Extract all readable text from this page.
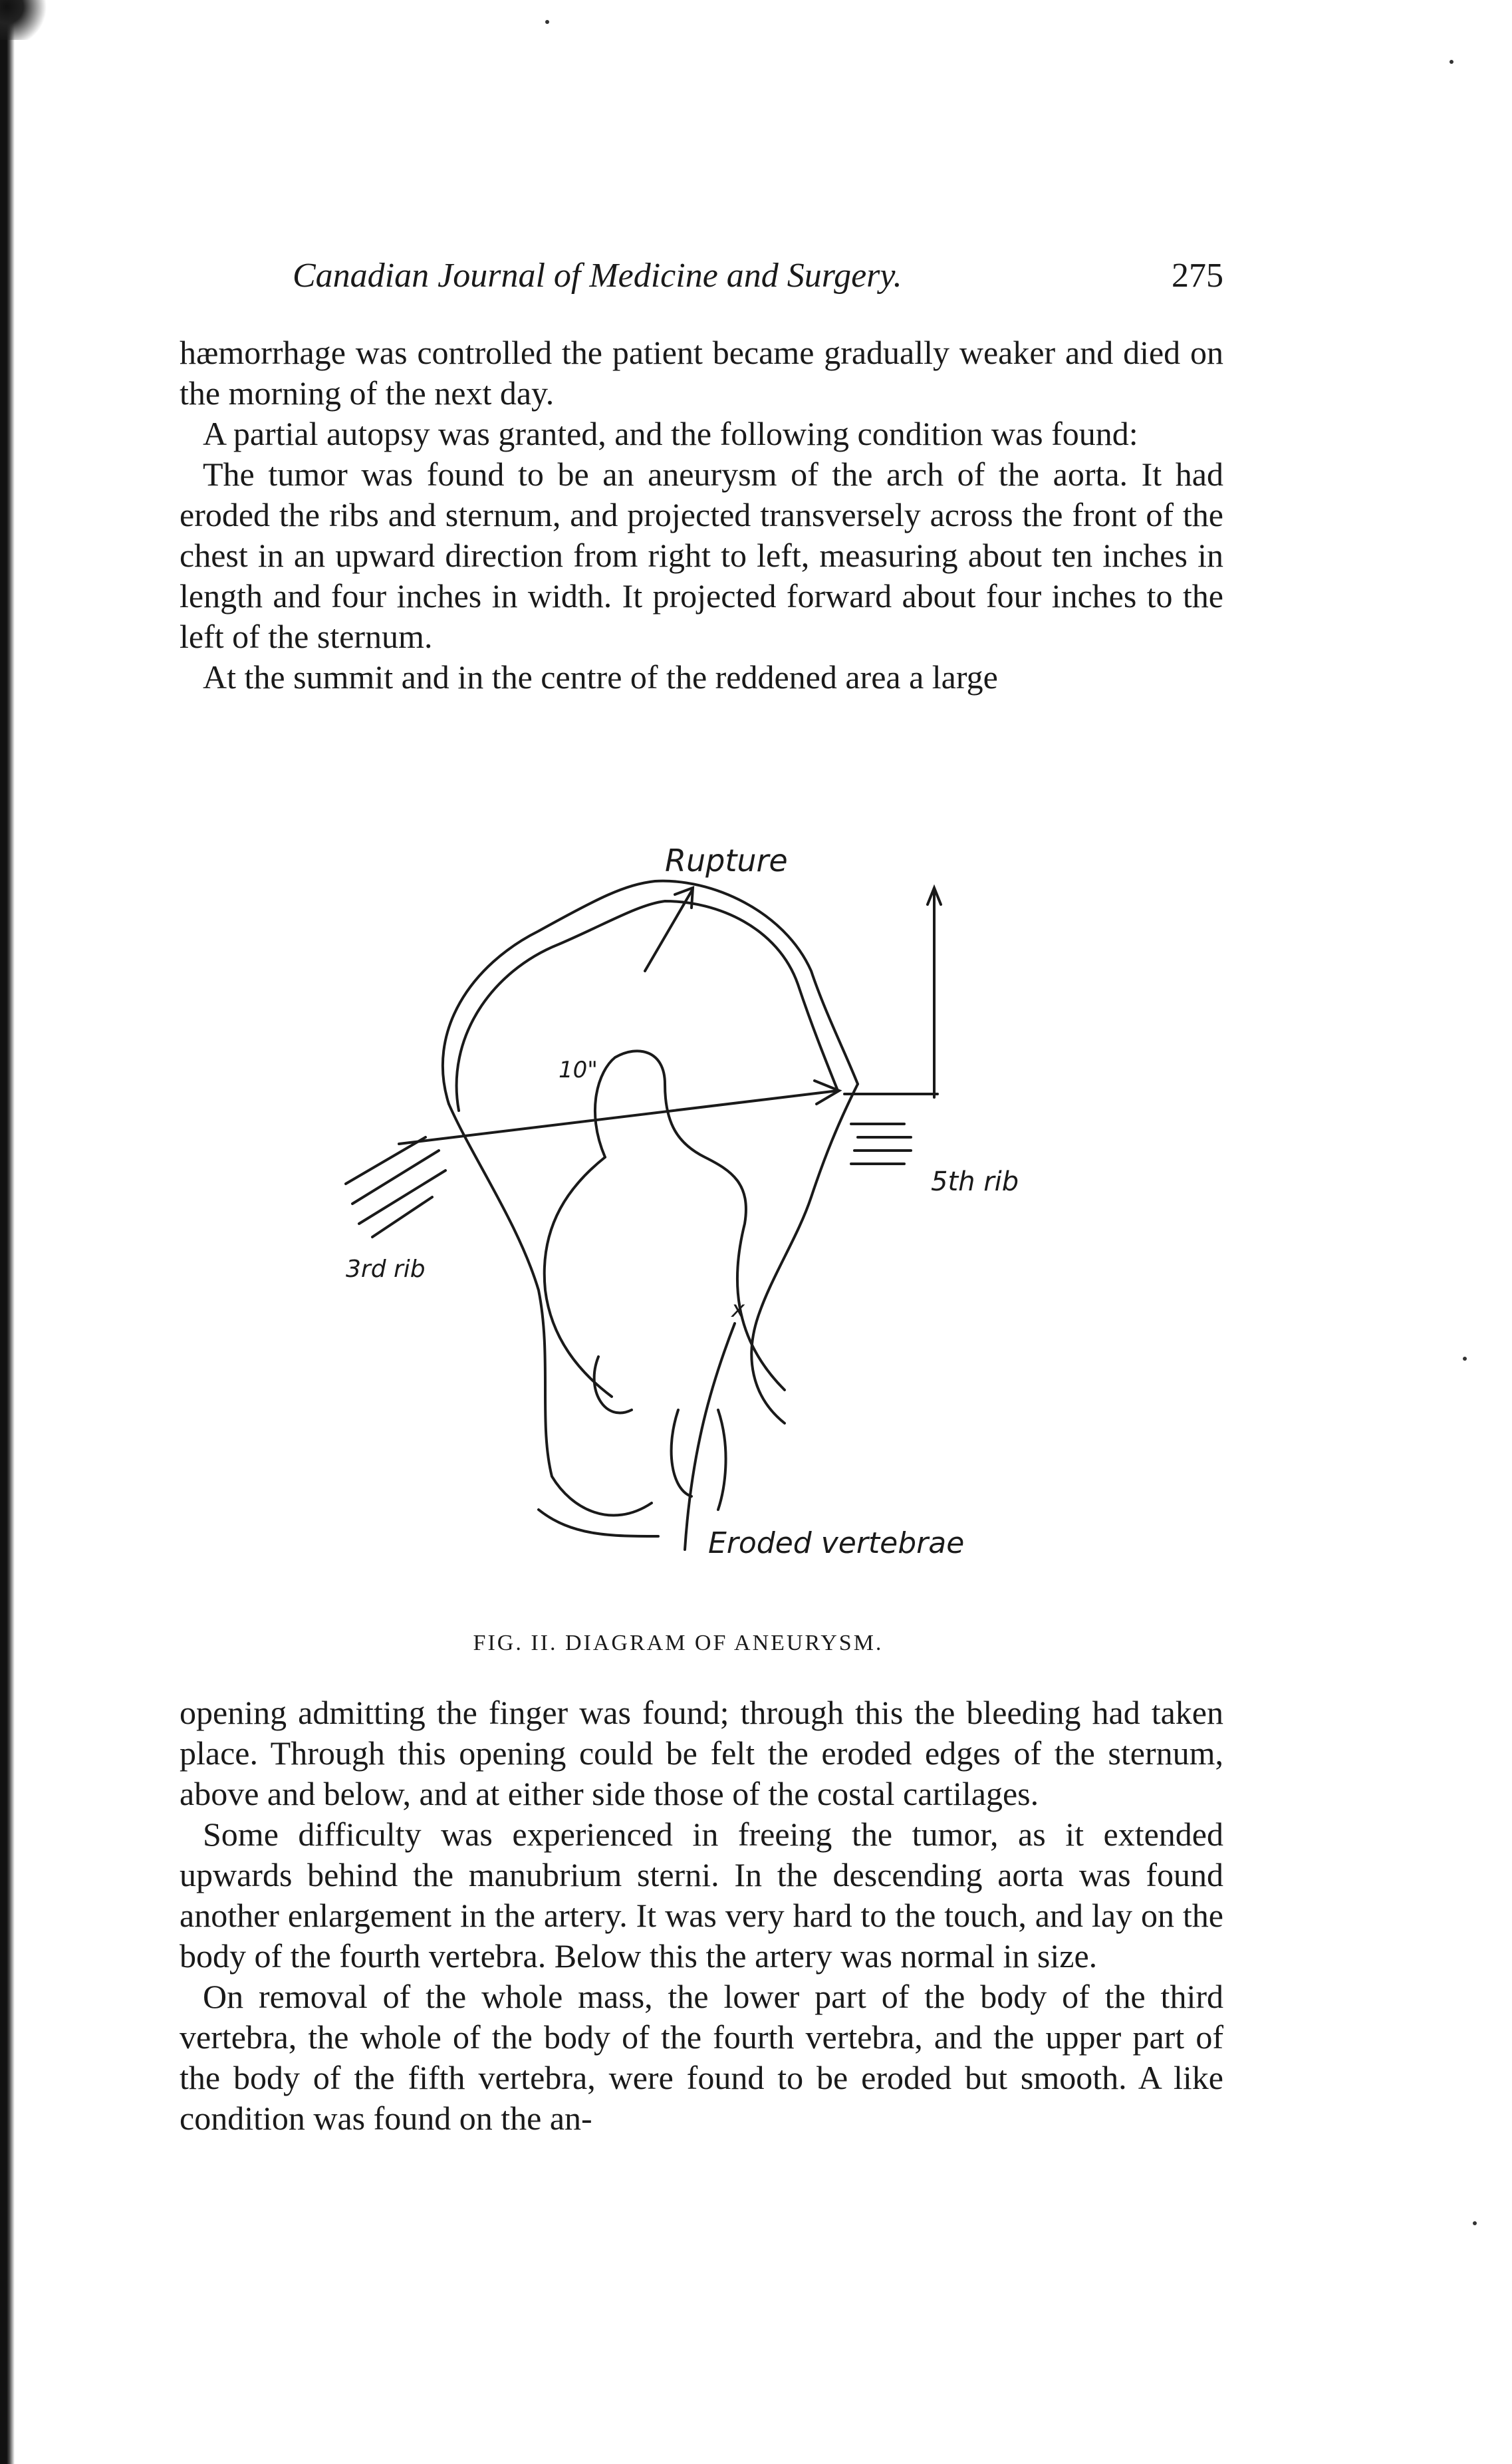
Canadian Journal of Medicine and Surgery.	275

hæmorrhage was controlled the patient became gradually weaker and died on the morning of the next day.

A partial autopsy was granted, and the following condition was found:

The tumor was found to be an aneurysm of the arch of the aorta. It had eroded the ribs and sternum, and projected transversely across the front of the chest in an upward direction from right to left, measuring about ten inches in length and four inches in width. It projected forward about four inches to the left of the sternum.

At the summit and in the centre of the reddened area a large

Rupture
10"
5th rib
3rd rib
x
Eroded vertebrae
FIG. II. DIAGRAM OF ANEURYSM.

opening admitting the finger was found; through this the bleeding had taken place. Through this opening could be felt the eroded edges of the sternum, above and below, and at either side those of the costal cartilages.

Some difficulty was experienced in freeing the tumor, as it extended upwards behind the manubrium sterni. In the descending aorta was found another enlargement in the artery. It was very hard to the touch, and lay on the body of the fourth vertebra. Below this the artery was normal in size.

On removal of the whole mass, the lower part of the body of the third vertebra, the whole of the body of the fourth vertebra, and the upper part of the body of the fifth vertebra, were found to be eroded but smooth. A like condition was found on the an-
